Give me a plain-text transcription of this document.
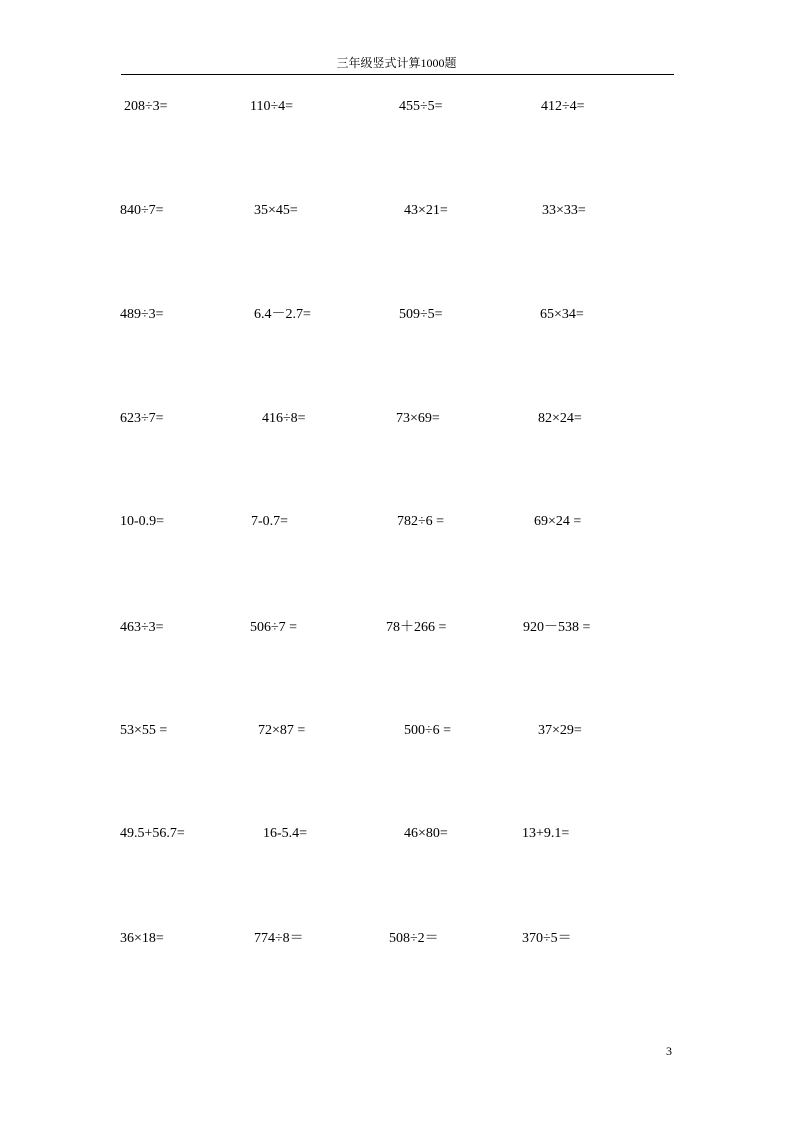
三年级竖式计算1000题
208÷3=	110÷4=	455÷5=	412÷4=
840÷7=	35×45=	43×21=	33×33=
489÷3=	6.4－2.7=	509÷5=	65×34=
623÷7=	416÷8=	73×69=	82×24=
10-0.9=	7-0.7=	782÷6 =	69×24 =
463÷3=	506÷7 =	78＋266 =	920－538 =
53×55 =	72×87 =	500÷6 =	37×29=
49.5+56.7=	16-5.4=	46×80=	13+9.1=
36×18=	774÷8＝	508÷2＝	370÷5＝
3
